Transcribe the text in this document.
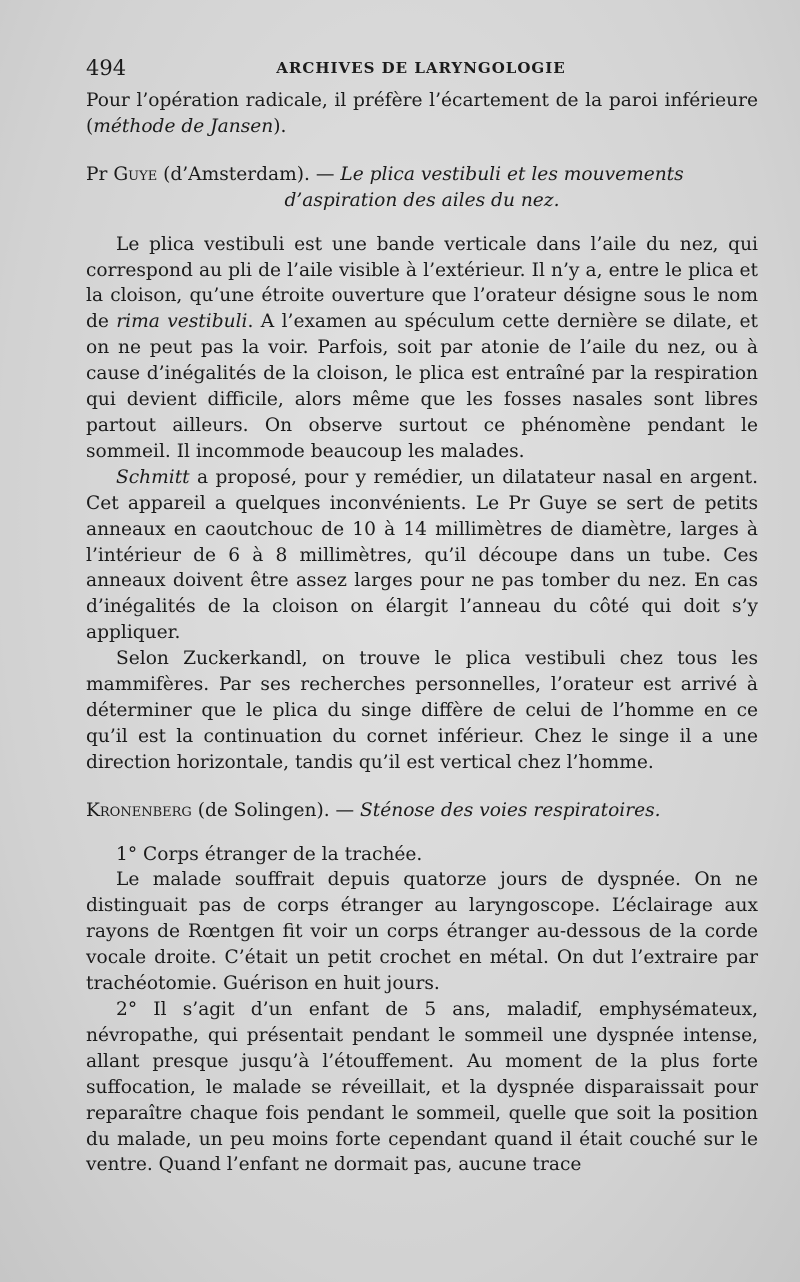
494	ARCHIVES DE LARYNGOLOGIE

Pour l’opération radicale, il préfère l’écartement de la paroi inférieure (méthode de Jansen).

Pr Guye (d’Amsterdam). — Le plica vestibuli et les mouvements

d’aspiration des ailes du nez.

Le plica vestibuli est une bande verticale dans l’aile du nez, qui correspond au pli de l’aile visible à l’extérieur. Il n’y a, entre le plica et la cloison, qu’une étroite ouverture que l’orateur désigne sous le nom de rima vestibuli. A l’examen au spéculum cette dernière se dilate, et on ne peut pas la voir. Parfois, soit par atonie de l’aile du nez, ou à cause d’inégalités de la cloison, le plica est entraîné par la respiration qui devient difficile, alors même que les fosses nasales sont libres partout ailleurs. On observe surtout ce phénomène pendant le sommeil. Il incommode beaucoup les malades.

Schmitt a proposé, pour y remédier, un dilatateur nasal en argent. Cet appareil a quelques inconvénients. Le Pr Guye se sert de petits anneaux en caoutchouc de 10 à 14 millimètres de diamètre, larges à l’intérieur de 6 à 8 millimètres, qu’il découpe dans un tube. Ces anneaux doivent être assez larges pour ne pas tomber du nez. En cas d’inégalités de la cloison on élargit l’anneau du côté qui doit s’y appliquer.

Selon Zuckerkandl, on trouve le plica vestibuli chez tous les mammifères. Par ses recherches personnelles, l’orateur est arrivé à déterminer que le plica du singe diffère de celui de l’homme en ce qu’il est la continuation du cornet inférieur. Chez le singe il a une direction horizontale, tandis qu’il est vertical chez l’homme.

Kronenberg (de Solingen). — Sténose des voies respiratoires.

1° Corps étranger de la trachée.

Le malade souffrait depuis quatorze jours de dyspnée. On ne distinguait pas de corps étranger au laryngoscope. L’éclairage aux rayons de Rœntgen fit voir un corps étranger au-dessous de la corde vocale droite. C’était un petit crochet en métal. On dut l’extraire par trachéotomie. Guérison en huit jours.

2° Il s’agit d’un enfant de 5 ans, maladif, emphysémateux, névropathe, qui présentait pendant le sommeil une dyspnée intense, allant presque jusqu’à l’étouffement. Au moment de la plus forte suffocation, le malade se réveillait, et la dyspnée disparaissait pour reparaître chaque fois pendant le sommeil, quelle que soit la position du malade, un peu moins forte cependant quand il était couché sur le ventre. Quand l’enfant ne dormait pas, aucune trace
